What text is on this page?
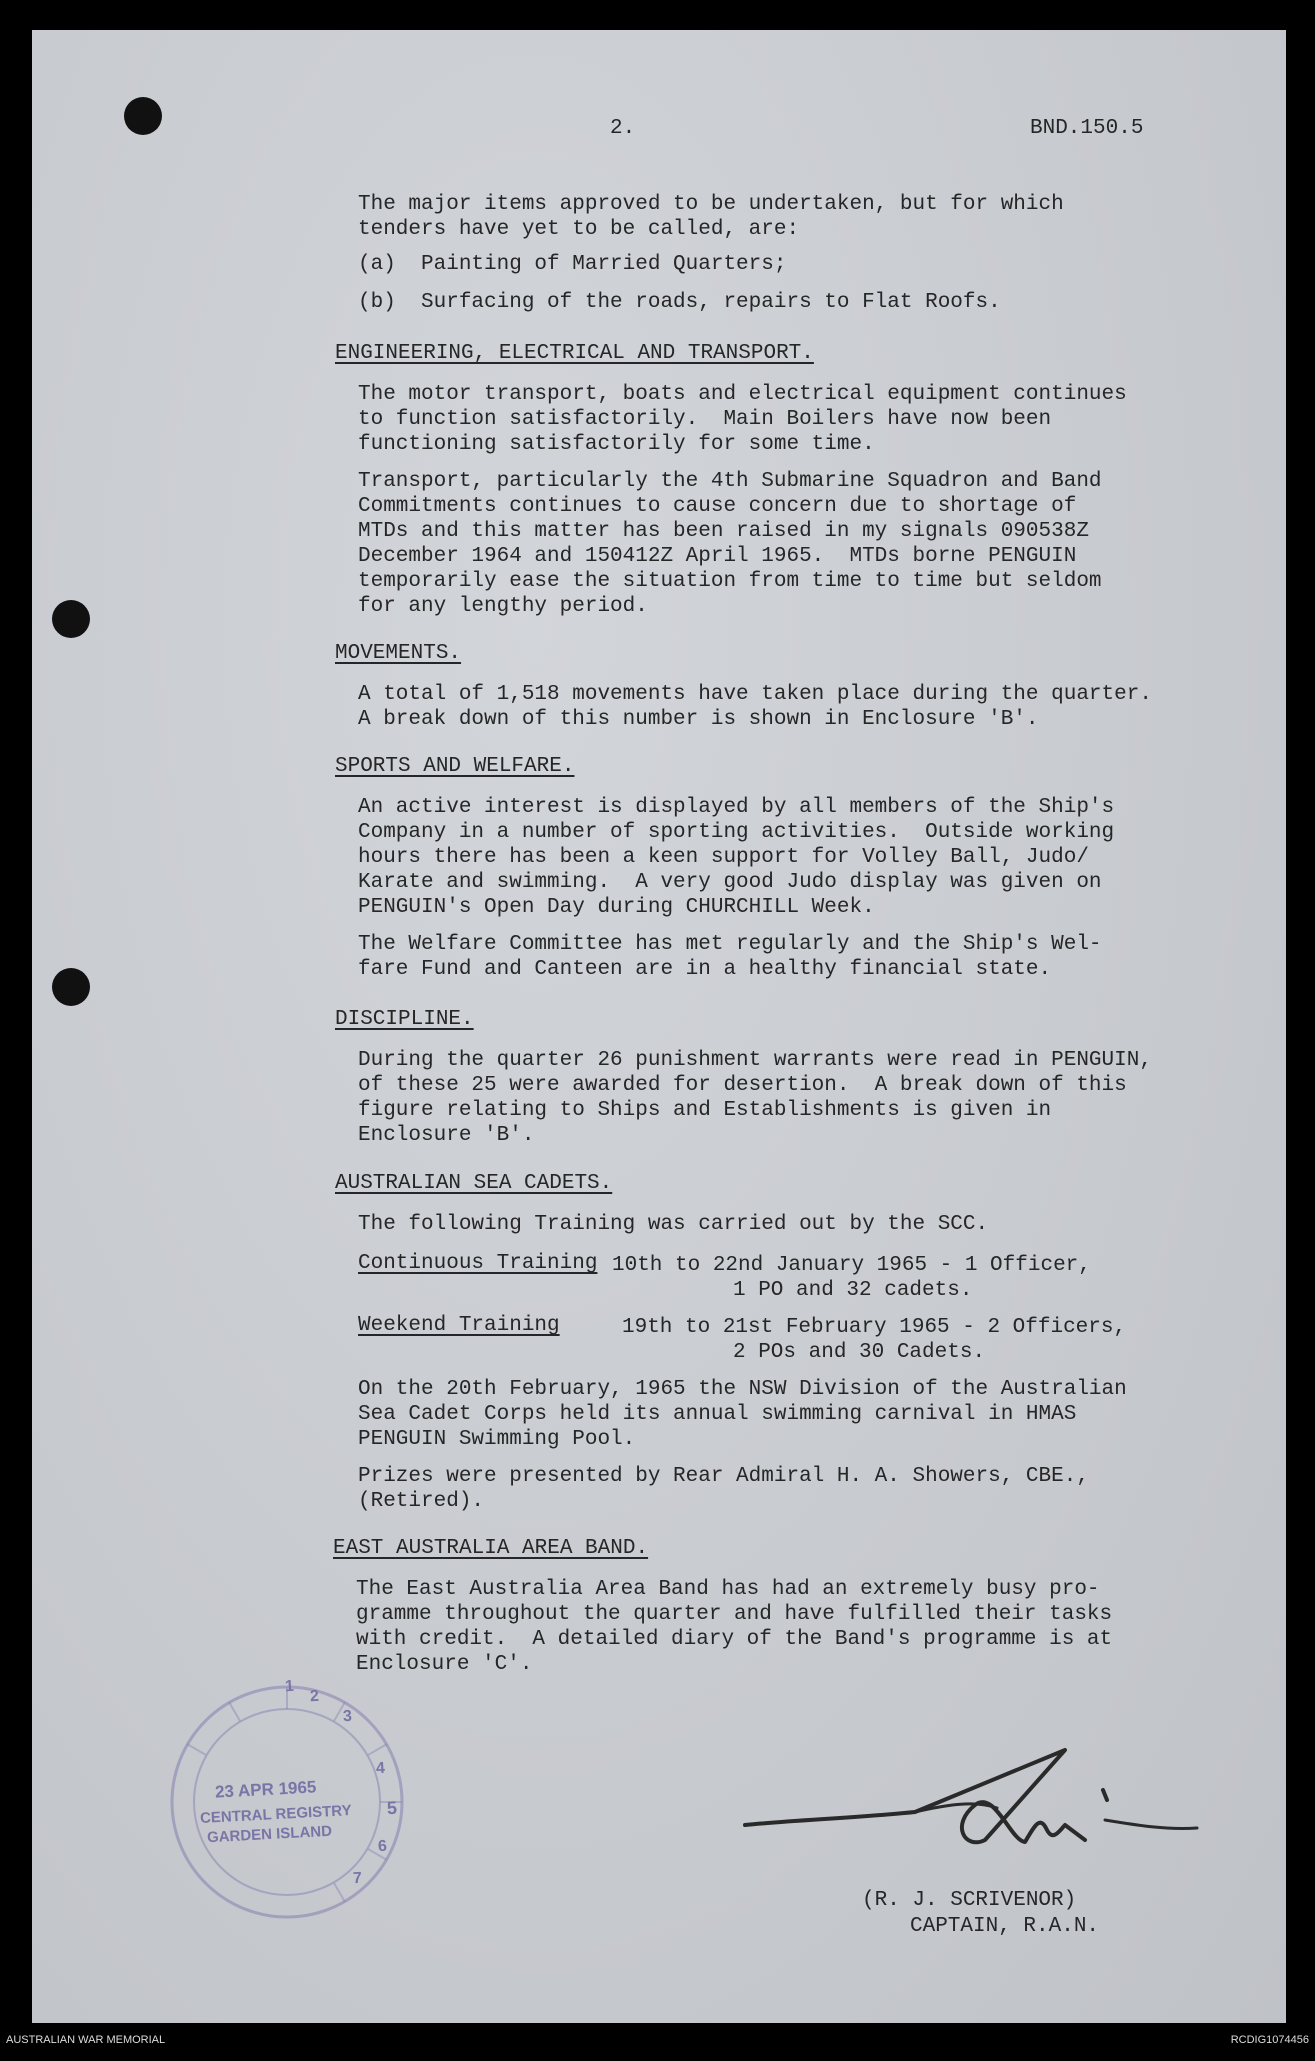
2.	BND.150.5
The major items approved to be undertaken, but for which
tenders have yet to be called, are:
(a)  Painting of Married Quarters;
(b)  Surfacing of the roads, repairs to Flat Roofs.
ENGINEERING, ELECTRICAL AND TRANSPORT.
The motor transport, boats and electrical equipment continues
to function satisfactorily.  Main Boilers have now been
functioning satisfactorily for some time.
Transport, particularly the 4th Submarine Squadron and Band
Commitments continues to cause concern due to shortage of
MTDs and this matter has been raised in my signals 090538Z
December 1964 and 150412Z April 1965.  MTDs borne PENGUIN
temporarily ease the situation from time to time but seldom
for any lengthy period.
MOVEMENTS.
A total of 1,518 movements have taken place during the quarter.
A break down of this number is shown in Enclosure 'B'.
SPORTS AND WELFARE.
An active interest is displayed by all members of the Ship's
Company in a number of sporting activities.  Outside working
hours there has been a keen support for Volley Ball, Judo/
Karate and swimming.  A very good Judo display was given on
PENGUIN's Open Day during CHURCHILL Week.
The Welfare Committee has met regularly and the Ship's Wel-
fare Fund and Canteen are in a healthy financial state.
DISCIPLINE.
During the quarter 26 punishment warrants were read in PENGUIN,
of these 25 were awarded for desertion.  A break down of this
figure relating to Ships and Establishments is given in
Enclosure 'B'.
AUSTRALIAN SEA CADETS.
The following Training was carried out by the SCC.
Continuous Training 10th to 22nd January 1965 - 1 Officer,
1 PO and 32 cadets.
Weekend Training	19th to 21st February 1965 - 2 Officers,
2 POs and 30 Cadets.
On the 20th February, 1965 the NSW Division of the Australian
Sea Cadet Corps held its annual swimming carnival in HMAS
PENGUIN Swimming Pool.
Prizes were presented by Rear Admiral H. A. Showers, CBE.,
(Retired).
EAST AUSTRALIA AREA BAND.
The East Australia Area Band has had an extremely busy pro-
gramme throughout the quarter and have fulfilled their tasks
with credit.  A detailed diary of the Band's programme is at
Enclosure 'C'.
1
2
3
4
5
6
7
23 APR 1965
CENTRAL REGISTRY
GARDEN ISLAND
(R. J. SCRIVENOR)
CAPTAIN, R.A.N.
AUSTRALIAN WAR MEMORIAL	RCDIG1074456
